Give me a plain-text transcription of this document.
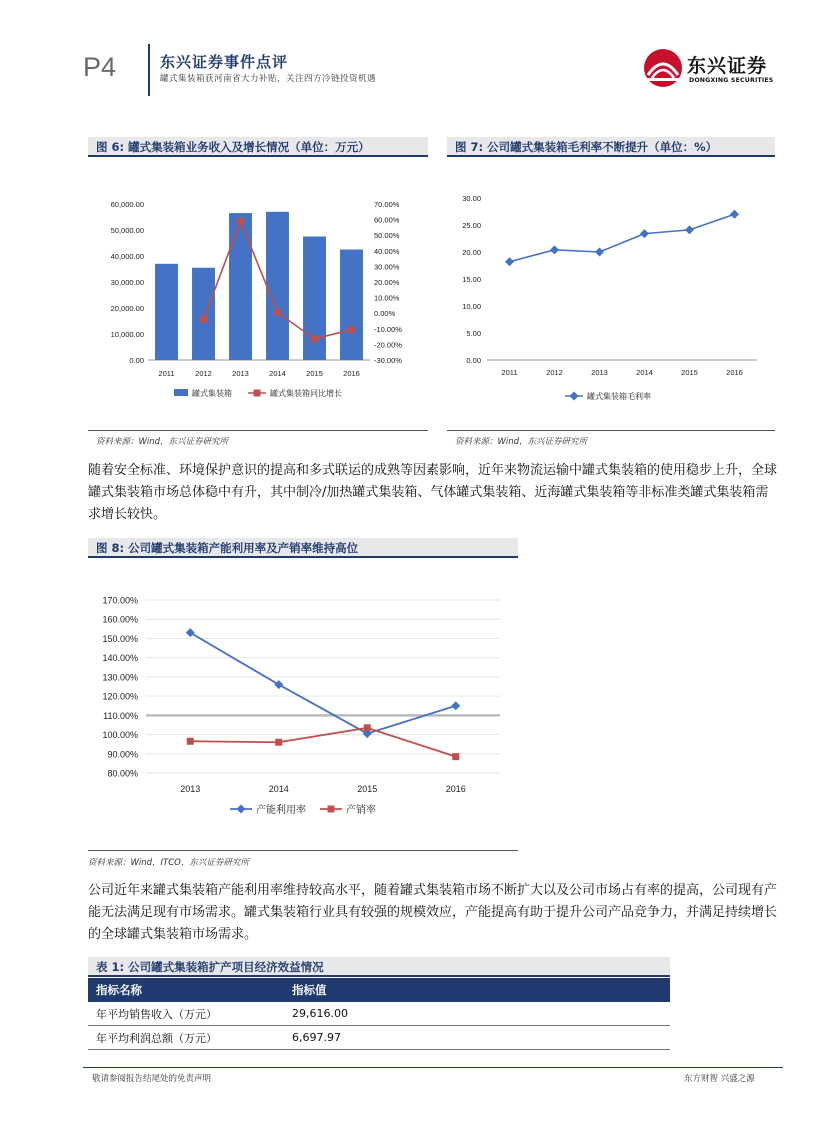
P4	东兴证券事件点评
罐式集装箱获河南省大力补贴，关注四方冷链投资机遇
东兴证券
DONGXING SECURITIES
图 6: 罐式集装箱业务收入及增长情况（单位：万元）
0.00
10,000.00
20,000.00
30,000.00
40,000.00
50,000.00
60,000.00
-30.00%
-20.00%
-10.00%
0.00%
10.00%
20.00%
30.00%
40.00%
50.00%
60.00%
70.00%
2011	2012	2013	2014	2015	2016
罐式集装箱	罐式集装箱同比增长
资料来源：Wind，东兴证券研究所
图 7: 公司罐式集装箱毛利率不断提升（单位：%）
0.00
5.00
10.00
15.00
20.00
25.00
30.00
2011	2012	2013	2014	2015	2016
罐式集装箱毛利率
资料来源：Wind，东兴证券研究所
随着安全标准、环境保护意识的提高和多式联运的成熟等因素影响，近年来物流运输中罐式集装箱的使用稳步上升，全球罐式集装箱市场总体稳中有升，其中制冷/加热罐式集装箱、气体罐式集装箱、近海罐式集装箱等非标准类罐式集装箱需求增长较快。
图 8: 公司罐式集装箱产能利用率及产销率维持高位
80.00%
90.00%
100.00%
110.00%
120.00%
130.00%
140.00%
150.00%
160.00%
170.00%
2013	2014	2015	2016
产能利用率	产销率
资料来源：Wind，ITCO，东兴证券研究所
公司近年来罐式集装箱产能利用率维持较高水平，随着罐式集装箱市场不断扩大以及公司市场占有率的提高，公司现有产能无法满足现有市场需求。罐式集装箱行业具有较强的规模效应，产能提高有助于提升公司产品竞争力，并满足持续增长的全球罐式集装箱市场需求。
表 1: 公司罐式集装箱扩产项目经济效益情况
指标名称	指标值
年平均销售收入（万元）	29,616.00
年平均利润总额（万元）	6,697.97
敬请参阅报告结尾处的免责声明	东方财智 兴盛之源
